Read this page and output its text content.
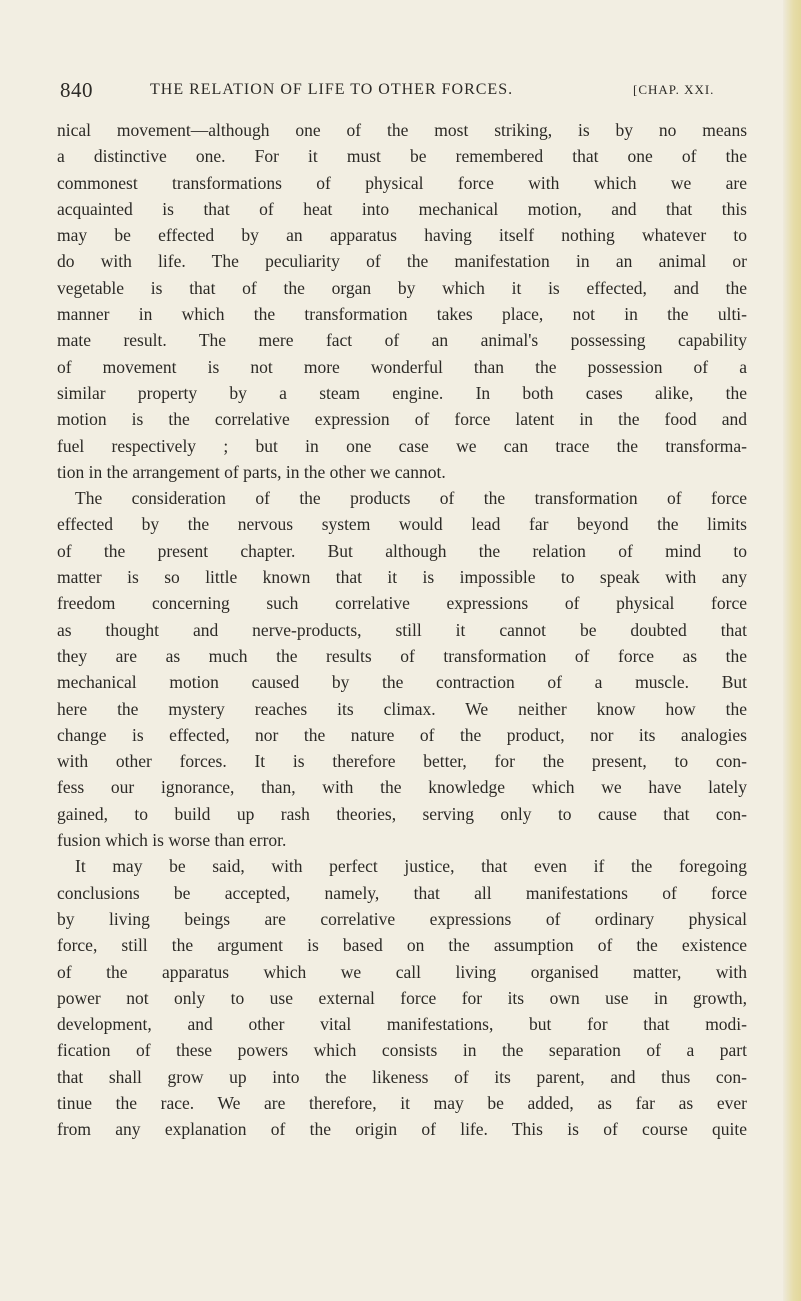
840	THE RELATION OF LIFE TO OTHER FORCES.	[CHAP. XXI.
nical movement—although one of the most striking, is by no means
a distinctive one. For it must be remembered that one of the
commonest transformations of physical force with which we are
acquainted is that of heat into mechanical motion, and that this
may be effected by an apparatus having itself nothing whatever to
do with life. The peculiarity of the manifestation in an animal or
vegetable is that of the organ by which it is effected, and the
manner in which the transformation takes place, not in the ulti-
mate result. The mere fact of an animal's possessing capability
of movement is not more wonderful than the possession of a
similar property by a steam engine. In both cases alike, the
motion is the correlative expression of force latent in the food and
fuel respectively ; but in one case we can trace the transforma-
tion in the arrangement of parts, in the other we cannot.
The consideration of the products of the transformation of force
effected by the nervous system would lead far beyond the limits
of the present chapter. But although the relation of mind to
matter is so little known that it is impossible to speak with any
freedom concerning such correlative expressions of physical force
as thought and nerve-products, still it cannot be doubted that
they are as much the results of transformation of force as the
mechanical motion caused by the contraction of a muscle. But
here the mystery reaches its climax. We neither know how the
change is effected, nor the nature of the product, nor its analogies
with other forces. It is therefore better, for the present, to con-
fess our ignorance, than, with the knowledge which we have lately
gained, to build up rash theories, serving only to cause that con-
fusion which is worse than error.
It may be said, with perfect justice, that even if the foregoing
conclusions be accepted, namely, that all manifestations of force
by living beings are correlative expressions of ordinary physical
force, still the argument is based on the assumption of the existence
of the apparatus which we call living organised matter, with
power not only to use external force for its own use in growth,
development, and other vital manifestations, but for that modi-
fication of these powers which consists in the separation of a part
that shall grow up into the likeness of its parent, and thus con-
tinue the race. We are therefore, it may be added, as far as ever
from any explanation of the origin of life. This is of course quite
